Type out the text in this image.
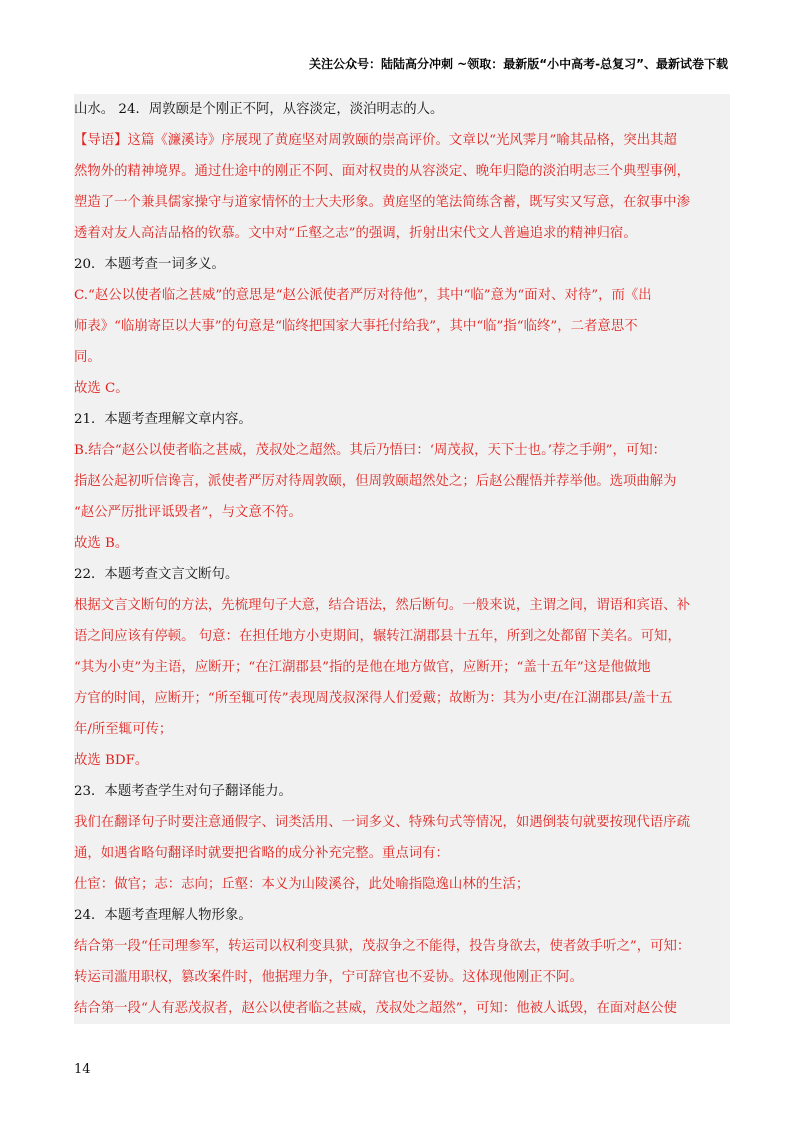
关注公众号：陆陆高分冲刺 ~领取：最新版“小中高考-总复习”、最新试卷下载
山水。 24．周敦颐是个刚正不阿，从容淡定，淡泊明志的人。
【导语】这篇《濂溪诗》序展现了黄庭坚对周敦颐的崇高评价。文章以“光风霁月”喻其品格，突出其超
然物外的精神境界。通过仕途中的刚正不阿、面对权贵的从容淡定、晚年归隐的淡泊明志三个典型事例，
塑造了一个兼具儒家操守与道家情怀的士大夫形象。黄庭坚的笔法简练含蓄，既写实又写意，在叙事中渗
透着对友人高洁品格的钦慕。文中对“丘壑之志”的强调，折射出宋代文人普遍追求的精神归宿。
20．本题考查一词多义。
C.“赵公以使者临之甚威”的意思是“赵公派使者严厉对待他”，其中“临”意为“面对、对待”，而《出
师表》“临崩寄臣以大事”的句意是“临终把国家大事托付给我”，其中“临”指“临终”，二者意思不
同。
故选 C。
21．本题考查理解文章内容。
B.结合“赵公以使者临之甚威，茂叔处之超然。其后乃悟曰：‘周茂叔，天下士也。’荐之手朔”，可知：
指赵公起初听信谗言，派使者严厉对待周敦颐，但周敦颐超然处之；后赵公醒悟并荐举他。选项曲解为
“赵公严厉批评诋毁者”，与文意不符。
故选 B。
22．本题考查文言文断句。
根据文言文断句的方法，先梳理句子大意，结合语法，然后断句。一般来说，主谓之间，谓语和宾语、补
语之间应该有停顿。 句意：在担任地方小吏期间，辗转江湖郡县十五年，所到之处都留下美名。可知，
“其为小吏”为主语，应断开；“在江湖郡县”指的是他在地方做官，应断开；“盖十五年”这是他做地
方官的时间，应断开；“所至辄可传”表现周茂叔深得人们爱戴；故断为：其为小吏/在江湖郡县/盖十五
年/所至辄可传；
故选 BDF。
23．本题考查学生对句子翻译能力。
我们在翻译句子时要注意通假字、词类活用、一词多义、特殊句式等情况，如遇倒装句就要按现代语序疏
通，如遇省略句翻译时就要把省略的成分补充完整。重点词有：
仕宦：做官；志：志向；丘壑：本义为山陵溪谷，此处喻指隐逸山林的生活；
24．本题考查理解人物形象。
结合第一段“任司理参军，转运司以权利变具狱，茂叔争之不能得，投告身欲去，使者敛手听之”，可知：
转运司滥用职权，篡改案件时，他据理力争，宁可辞官也不妥协。这体现他刚正不阿。
结合第一段“人有恶茂叔者，赵公以使者临之甚威，茂叔处之超然”，可知：他被人诋毁，在面对赵公使
14
